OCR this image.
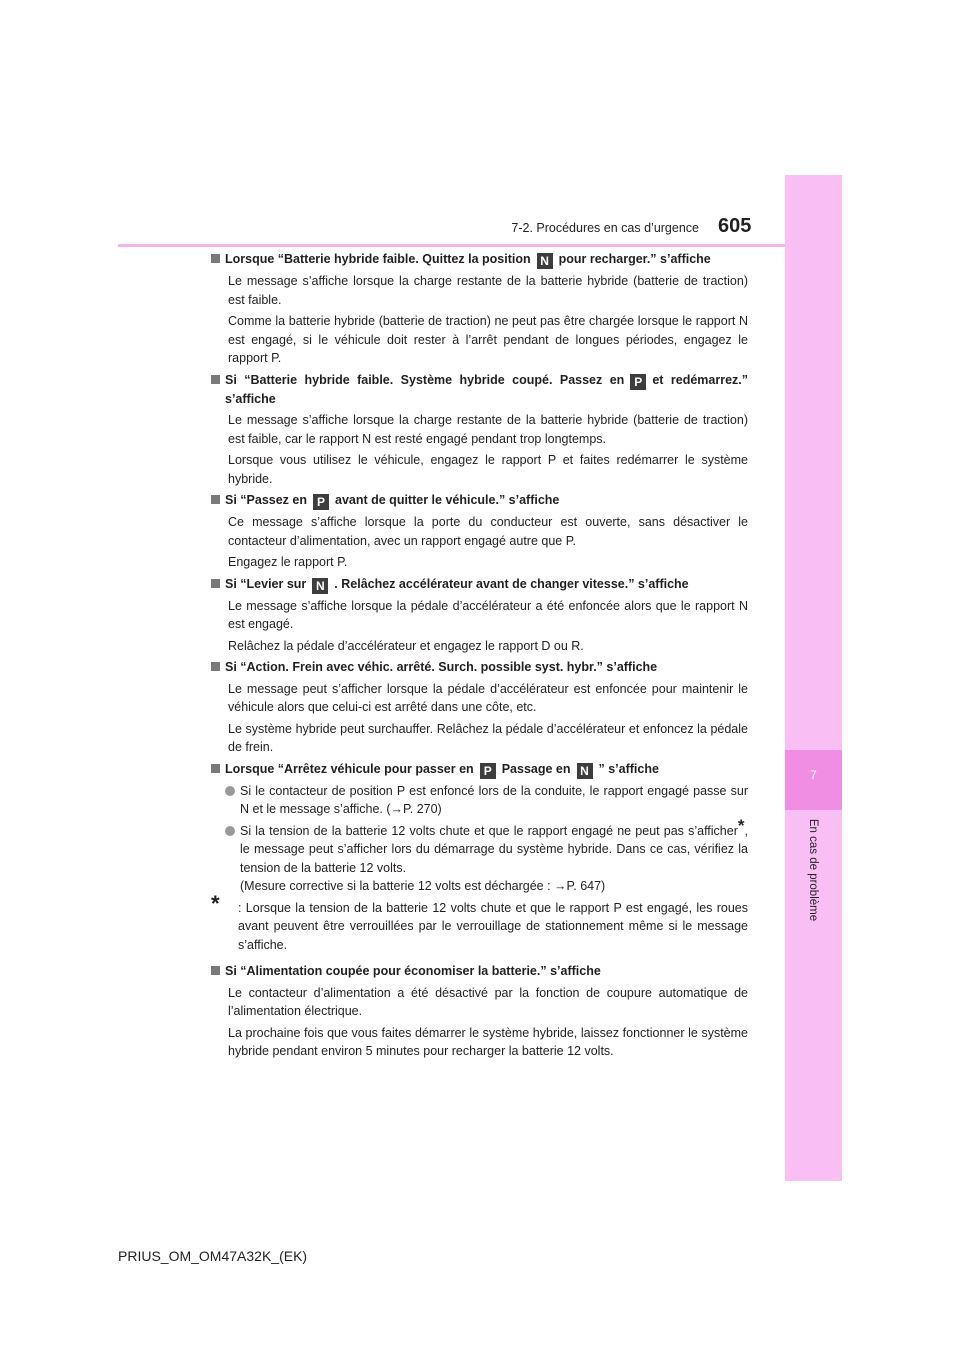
7
En cas de problème
7-2. Procédures en cas d’urgence 605

Lorsque “Batterie hybride faible. Quittez la position N pour recharger.” s’affiche

Le message s’affiche lorsque la charge restante de la batterie hybride (batterie de traction) est faible.

Comme la batterie hybride (batterie de traction) ne peut pas être chargée lorsque le rapport N est engagé, si le véhicule doit rester à l’arrêt pendant de longues périodes, engagez le rapport P.

Si “Batterie hybride faible. Système hybride coupé. Passez en P et redémarrez.” s’affiche

Le message s’affiche lorsque la charge restante de la batterie hybride (batterie de traction) est faible, car le rapport N est resté engagé pendant trop longtemps.

Lorsque vous utilisez le véhicule, engagez le rapport P et faites redémarrer le système hybride.

Si “Passez en P avant de quitter le véhicule.” s’affiche

Ce message s’affiche lorsque la porte du conducteur est ouverte, sans désactiver le contacteur d’alimentation, avec un rapport engagé autre que P.

Engagez le rapport P.

Si “Levier sur N . Relâchez accélérateur avant de changer vitesse.” s’affiche

Le message s’affiche lorsque la pédale d’accélérateur a été enfoncée alors que le rapport N est engagé.

Relâchez la pédale d’accélérateur et engagez le rapport D ou R.

Si “Action. Frein avec véhic. arrêté. Surch. possible syst. hybr.” s’affiche

Le message peut s’afficher lorsque la pédale d’accélérateur est enfoncée pour maintenir le véhicule alors que celui-ci est arrêté dans une côte, etc.

Le système hybride peut surchauffer. Relâchez la pédale d’accélérateur et enfoncez la pédale de frein.

Lorsque “Arrêtez véhicule pour passer en P Passage en N ” s’affiche

Si le contacteur de position P est enfoncé lors de la conduite, le rapport engagé passe sur N et le message s’affiche. (→P. 270)

Si la tension de la batterie 12 volts chute et que le rapport engagé ne peut pas s’afficher*, le message peut s’afficher lors du démarrage du système hybride. Dans ce cas, vérifiez la tension de la batterie 12 volts.
(Mesure corrective si la batterie 12 volts est déchargée : →P. 647)

* : Lorsque la tension de la batterie 12 volts chute et que le rapport P est engagé, les roues avant peuvent être verrouillées par le verrouillage de stationnement même si le message s’affiche.

Si “Alimentation coupée pour économiser la batterie.” s’affiche

Le contacteur d’alimentation a été désactivé par la fonction de coupure automatique de l’alimentation électrique.

La prochaine fois que vous faites démarrer le système hybride, laissez fonctionner le système hybride pendant environ 5 minutes pour recharger la batterie 12 volts.

PRIUS_OM_OM47A32K_(EK)
